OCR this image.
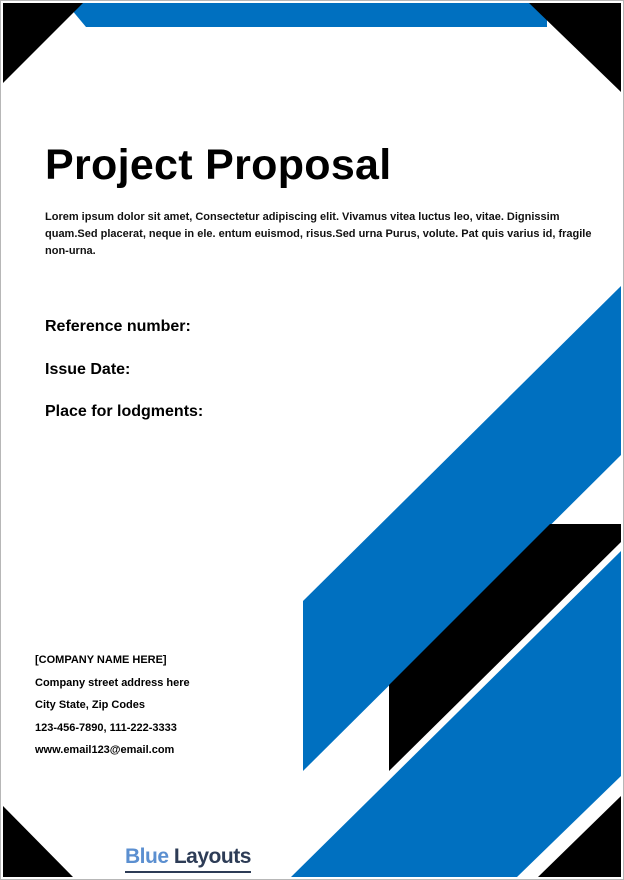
Project Proposal
Lorem ipsum dolor sit amet, Consectetur adipiscing elit. Vivamus vitea luctus leo, vitae. Dignissim quam.Sed placerat, neque in ele. entum euismod, risus.Sed urna Purus, volute. Pat quis varius id, fragile non-urna.
Reference number:
Issue Date:
Place for lodgments:
[COMPANY NAME HERE]
Company street address here
City State, Zip Codes
123-456-7890, 111-222-3333
www.email123@email.com
Blue Layouts
